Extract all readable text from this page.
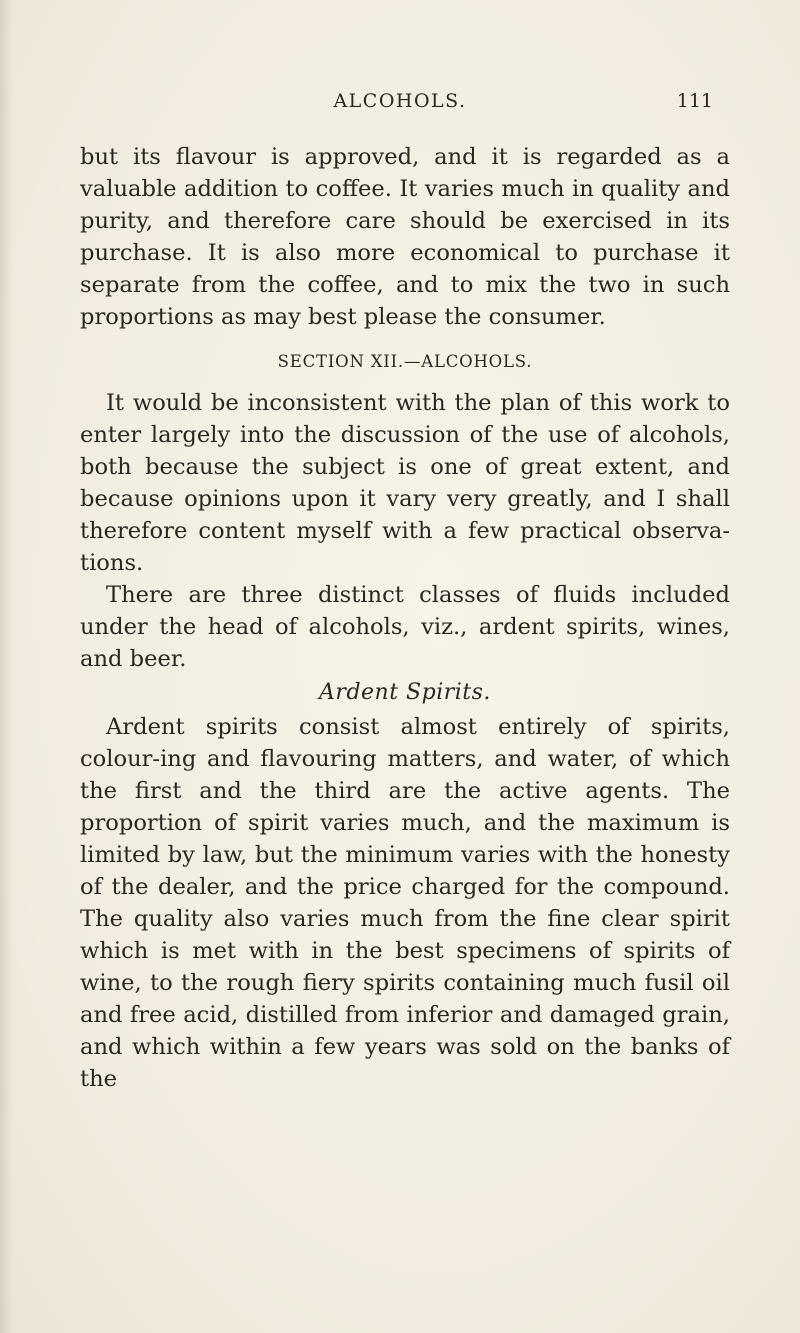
ALCOHOLS.	111

but its flavour is approved, and it is regarded as a valuable addition to coffee. It varies much in quality and purity, and therefore care should be exercised in its purchase. It is also more economical to purchase it separate from the coffee, and to mix the two in such proportions as may best please the consumer.

SECTION XII.—ALCOHOLS.

It would be inconsistent with the plan of this work to enter largely into the discussion of the use of alcohols, both because the subject is one of great extent, and because opinions upon it vary very greatly, and I shall therefore content myself with a few practical observa-tions.

There are three distinct classes of fluids included under the head of alcohols, viz., ardent spirits, wines, and beer.

Ardent Spirits.

Ardent spirits consist almost entirely of spirits, colour-ing and flavouring matters, and water, of which the first and the third are the active agents. The proportion of spirit varies much, and the maximum is limited by law, but the minimum varies with the honesty of the dealer, and the price charged for the compound. The quality also varies much from the fine clear spirit which is met with in the best specimens of spirits of wine, to the rough fiery spirits containing much fusil oil and free acid, distilled from inferior and damaged grain, and which within a few years was sold on the banks of the
